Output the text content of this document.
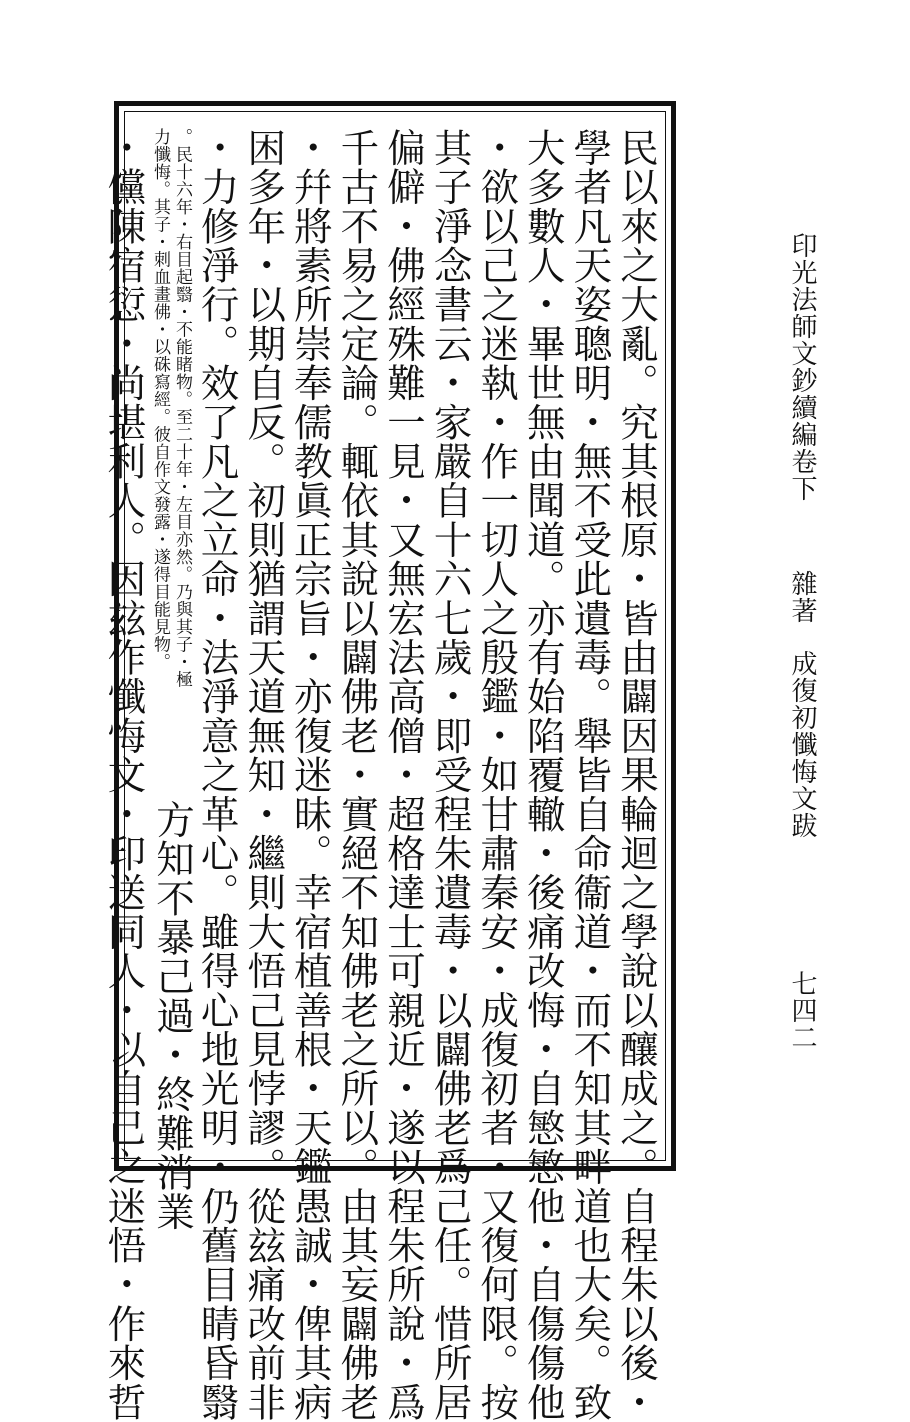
印光法師文鈔續編卷下

雜著

成復初懺悔文跋

七四二

民以來之大亂。究其根原・皆由闢因果輪迴之學說以釀成之。自程朱以後・

學者凡天姿聰明・無不受此遺毒。舉皆自命衞道・而不知其畔道也大矣。致

大多數人・畢世無由聞道。亦有始陷覆轍・後痛改悔・自慜慜他・自傷傷他

・欲以己之迷執・作一切人之殷鑑・如甘肅秦安・成復初者・又復何限。按

其子淨念書云・家嚴自十六七歲・即受程朱遺毒・以闢佛老爲己任。惜所居

偏僻・佛經殊難一見・又無宏法高僧・超格達士可親近・遂以程朱所說・爲

千古不易之定論。輒依其說以闢佛老・實絕不知佛老之所以。由其妄闢佛老

・幷將素所崇奉儒教眞正宗旨・亦復迷昧。幸宿植善根・天鑑愚誠・俾其病

困多年・以期自反。初則猶謂天道無知・繼則大悟己見悖謬。從玆痛改前非

・力修淨行。效了凡之立命・法淨意之革心。雖得心地光明・仍舊目睛昏翳

。民十六年・右目起翳・不能睹物。至二十年・左目亦然。乃與其子・極

力懺悔。其子・刺血畫佛・以硃寫經。彼自作文發露・遂得目能見物。

方知不暴己過・終難消業

・儻陳宿愆・尚堪利人。因玆作懺悔文・印送同人・以自己之迷悟・作來哲
